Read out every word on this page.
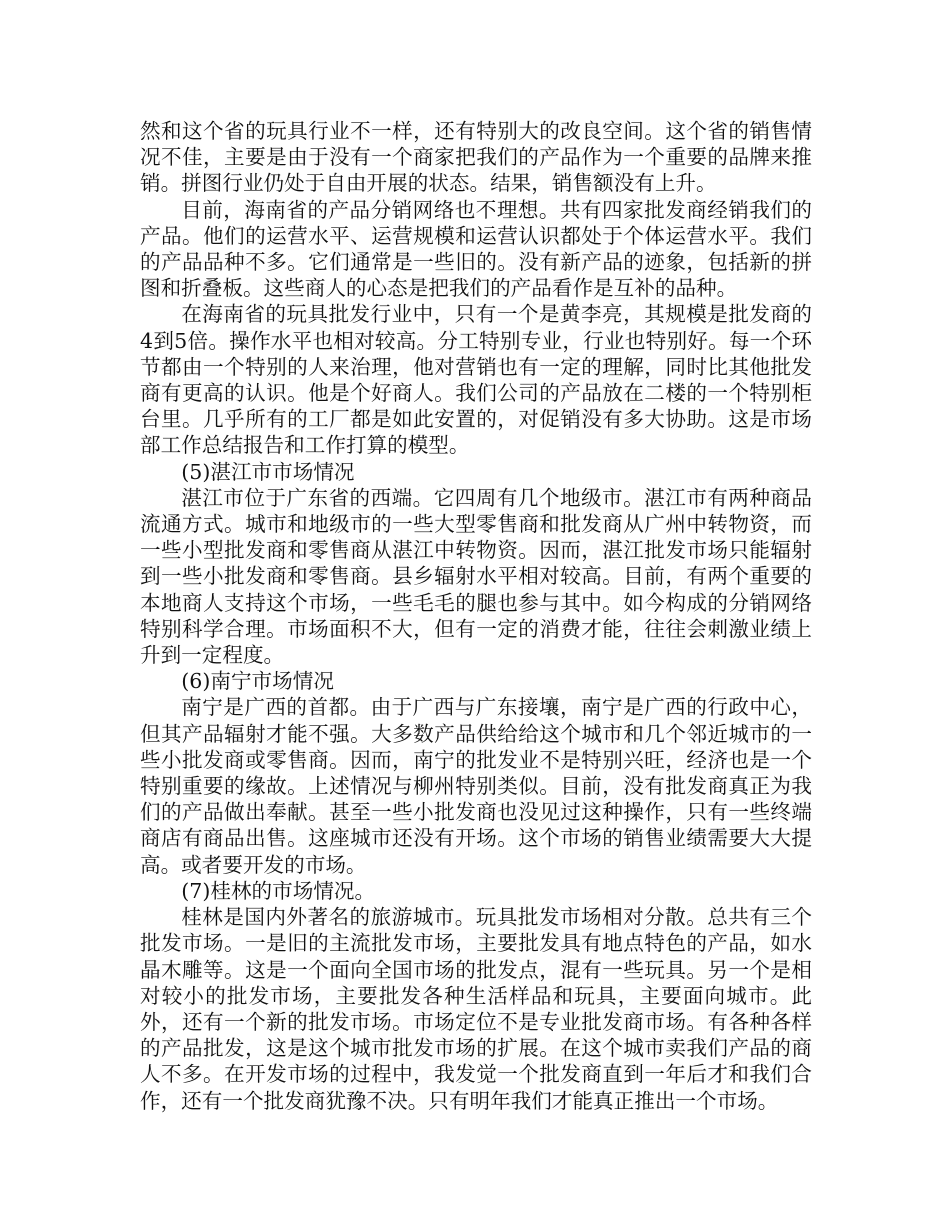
然和这个省的玩具行业不一样，还有特别大的改良空间。这个省的销售情况不佳，主要是由于没有一个商家把我们的产品作为一个重要的品牌来推销。拼图行业仍处于自由开展的状态。结果，销售额没有上升。

目前，海南省的产品分销网络也不理想。共有四家批发商经销我们的产品。他们的运营水平、运营规模和运营认识都处于个体运营水平。我们的产品品种不多。它们通常是一些旧的。没有新产品的迹象，包括新的拼图和折叠板。这些商人的心态是把我们的产品看作是互补的品种。

在海南省的玩具批发行业中，只有一个是黄李亮，其规模是批发商的4到5倍。操作水平也相对较高。分工特别专业，行业也特别好。每一个环节都由一个特别的人来治理，他对营销也有一定的理解，同时比其他批发商有更高的认识。他是个好商人。我们公司的产品放在二楼的一个特别柜台里。几乎所有的工厂都是如此安置的，对促销没有多大协助。这是市场部工作总结报告和工作打算的模型。

(5)湛江市市场情况

湛江市位于广东省的西端。它四周有几个地级市。湛江市有两种商品流通方式。城市和地级市的一些大型零售商和批发商从广州中转物资，而一些小型批发商和零售商从湛江中转物资。因而，湛江批发市场只能辐射到一些小批发商和零售商。县乡辐射水平相对较高。目前，有两个重要的本地商人支持这个市场，一些毛毛的腿也参与其中。如今构成的分销网络特别科学合理。市场面积不大，但有一定的消费才能，往往会刺激业绩上升到一定程度。

(6)南宁市场情况

南宁是广西的首都。由于广西与广东接壤，南宁是广西的行政中心，但其产品辐射才能不强。大多数产品供给给这个城市和几个邻近城市的一些小批发商或零售商。因而，南宁的批发业不是特别兴旺，经济也是一个特别重要的缘故。上述情况与柳州特别类似。目前，没有批发商真正为我们的产品做出奉献。甚至一些小批发商也没见过这种操作，只有一些终端商店有商品出售。这座城市还没有开场。这个市场的销售业绩需要大大提高。或者要开发的市场。

(7)桂林的市场情况。

桂林是国内外著名的旅游城市。玩具批发市场相对分散。总共有三个批发市场。一是旧的主流批发市场，主要批发具有地点特色的产品，如水晶木雕等。这是一个面向全国市场的批发点，混有一些玩具。另一个是相对较小的批发市场，主要批发各种生活样品和玩具，主要面向城市。此外，还有一个新的批发市场。市场定位不是专业批发商市场。有各种各样的产品批发，这是这个城市批发市场的扩展。在这个城市卖我们产品的商人不多。在开发市场的过程中，我发觉一个批发商直到一年后才和我们合作，还有一个批发商犹豫不决。只有明年我们才能真正推出一个市场。
